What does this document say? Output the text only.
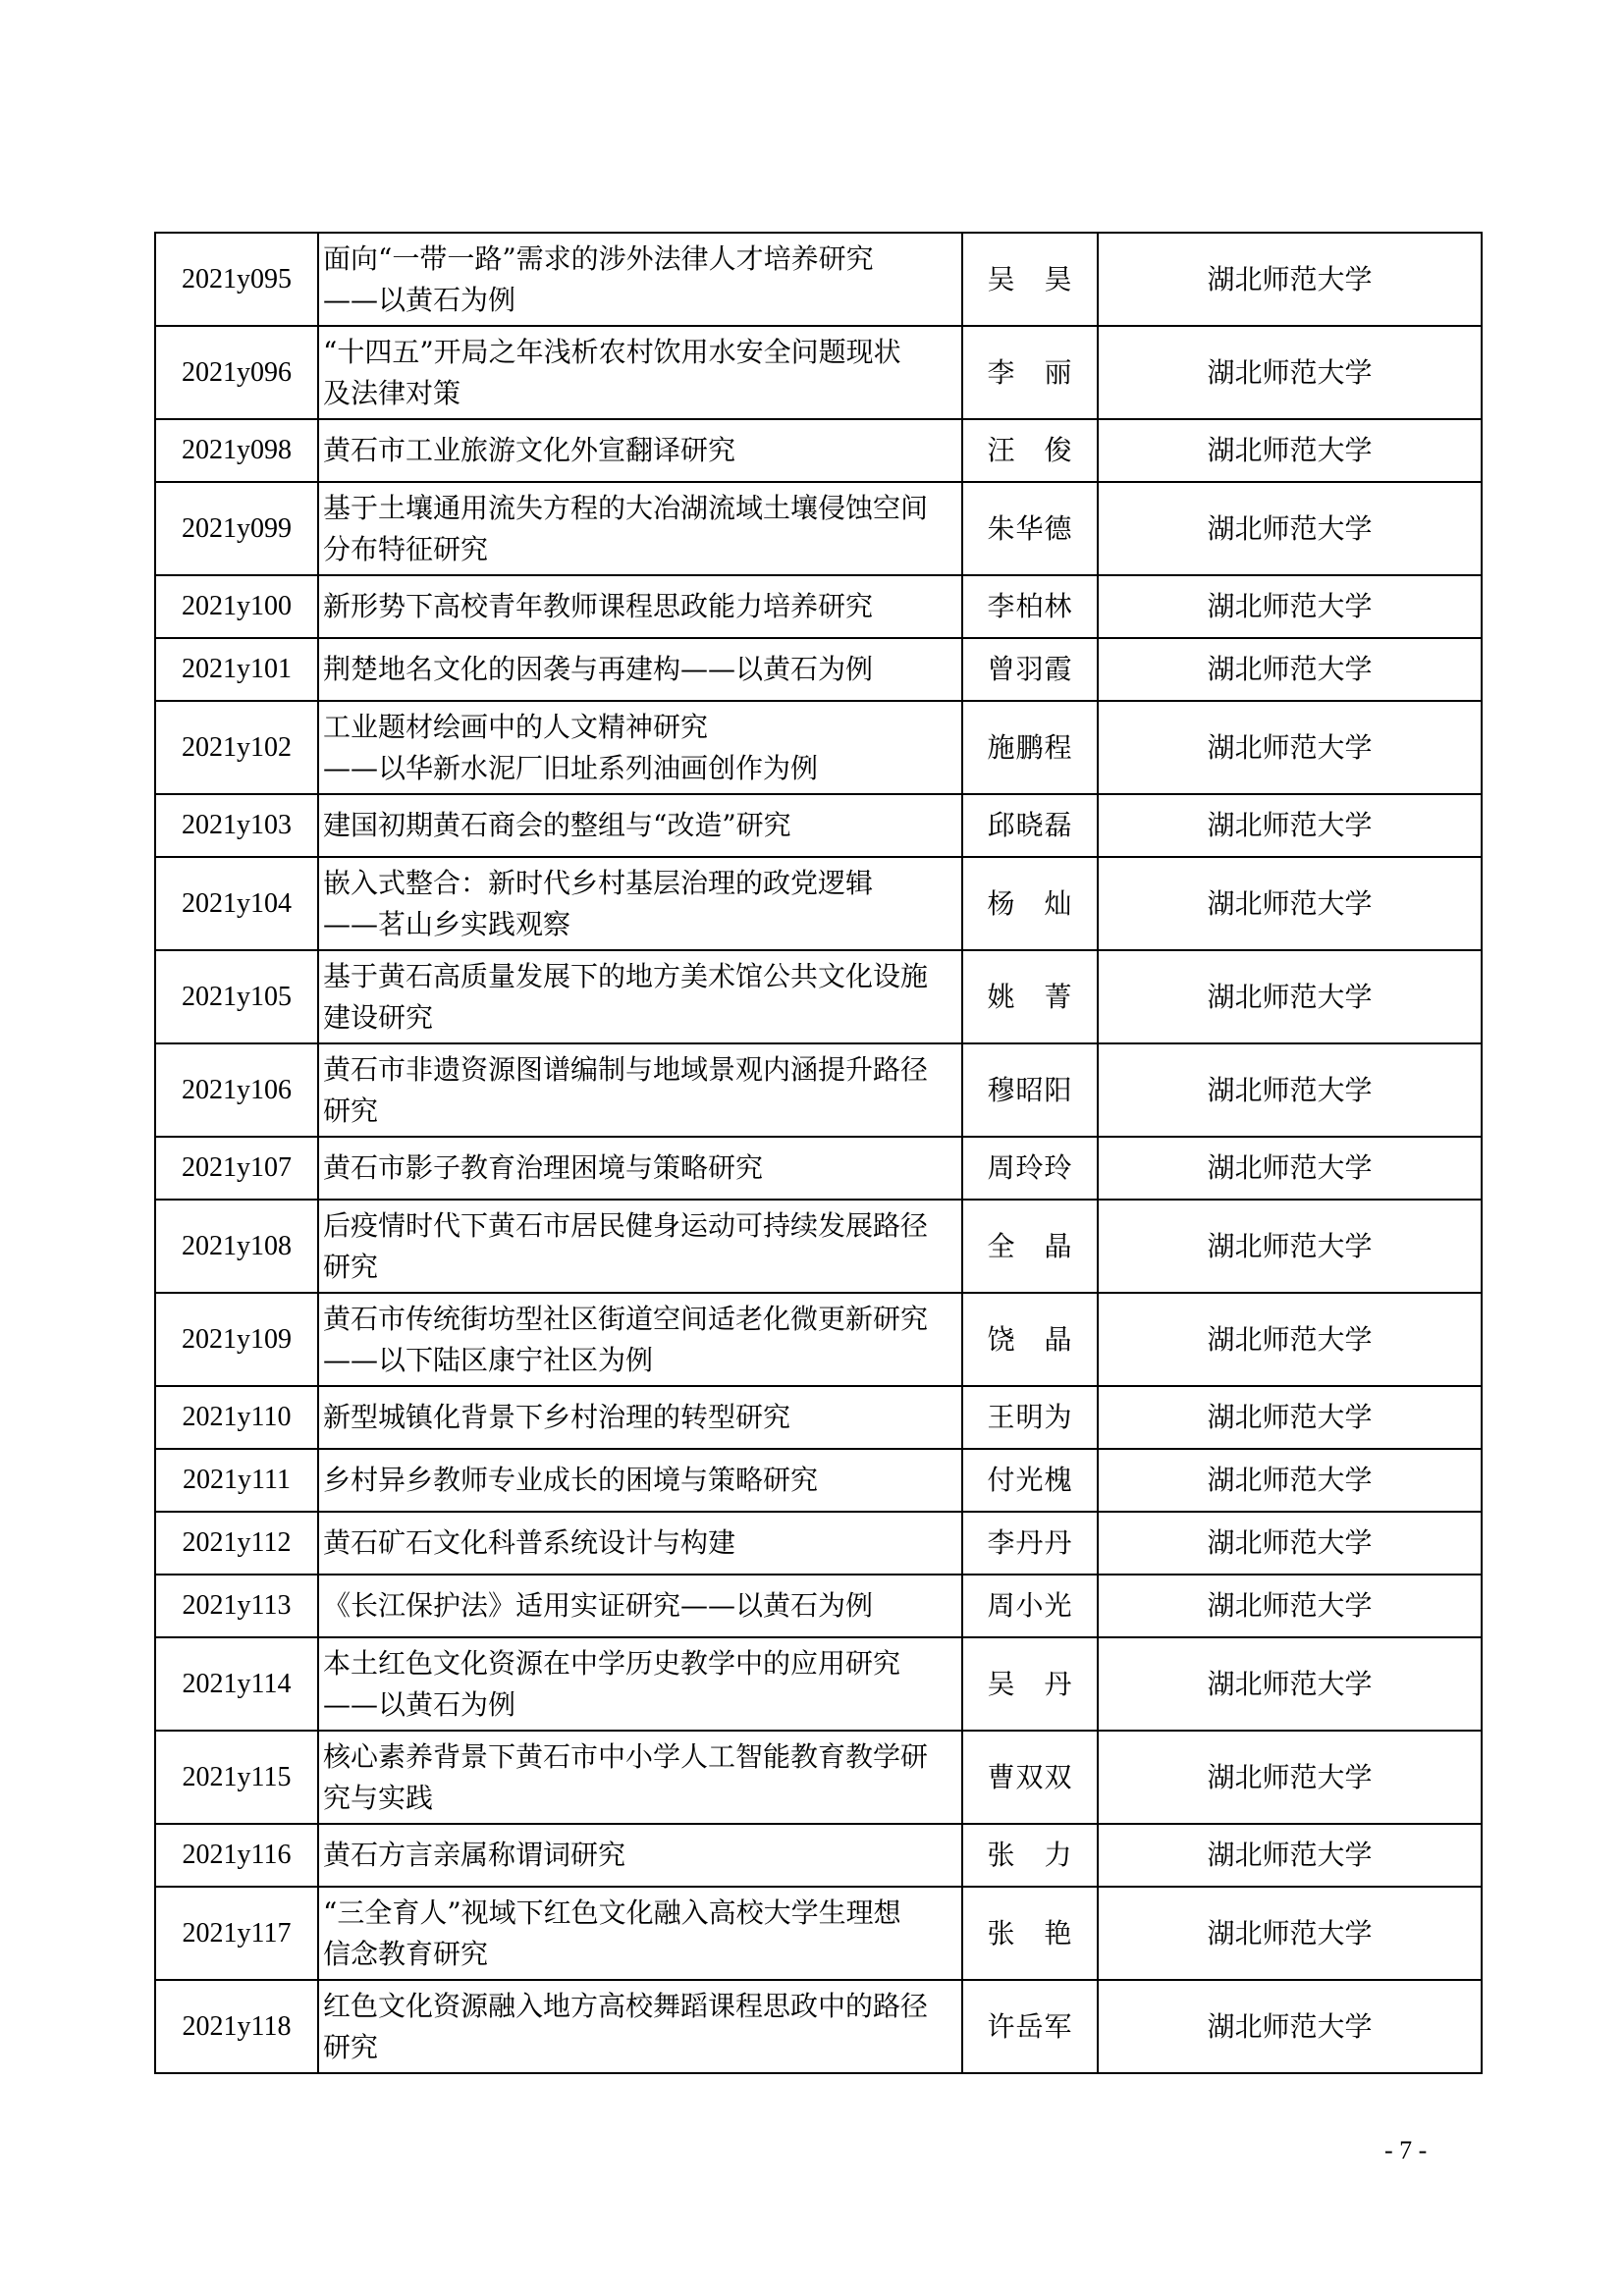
2021y095	面向“一带一路”需求的涉外法律人才培养研究
——以黄石为例	吴　昊	湖北师范大学
2021y096	“十四五”开局之年浅析农村饮用水安全问题现状
及法律对策	李　丽	湖北师范大学
2021y098	黄石市工业旅游文化外宣翻译研究	汪　俊	湖北师范大学
2021y099	基于土壤通用流失方程的大冶湖流域土壤侵蚀空间
分布特征研究	朱华德	湖北师范大学
2021y100	新形势下高校青年教师课程思政能力培养研究	李柏林	湖北师范大学
2021y101	荆楚地名文化的因袭与再建构——以黄石为例	曾羽霞	湖北师范大学
2021y102	工业题材绘画中的人文精神研究
——以华新水泥厂旧址系列油画创作为例	施鹏程	湖北师范大学
2021y103	建国初期黄石商会的整组与“改造”研究	邱晓磊	湖北师范大学
2021y104	嵌入式整合：新时代乡村基层治理的政党逻辑
——茗山乡实践观察	杨　灿	湖北师范大学
2021y105	基于黄石高质量发展下的地方美术馆公共文化设施
建设研究	姚　菁	湖北师范大学
2021y106	黄石市非遗资源图谱编制与地域景观内涵提升路径
研究	穆昭阳	湖北师范大学
2021y107	黄石市影子教育治理困境与策略研究	周玲玲	湖北师范大学
2021y108	后疫情时代下黄石市居民健身运动可持续发展路径
研究	全　晶	湖北师范大学
2021y109	黄石市传统街坊型社区街道空间适老化微更新研究
——以下陆区康宁社区为例	饶　晶	湖北师范大学
2021y110	新型城镇化背景下乡村治理的转型研究	王明为	湖北师范大学
2021y111	乡村异乡教师专业成长的困境与策略研究	付光槐	湖北师范大学
2021y112	黄石矿石文化科普系统设计与构建	李丹丹	湖北师范大学
2021y113	《长江保护法》适用实证研究——以黄石为例	周小光	湖北师范大学
2021y114	本土红色文化资源在中学历史教学中的应用研究
——以黄石为例	吴　丹	湖北师范大学
2021y115	核心素养背景下黄石市中小学人工智能教育教学研
究与实践	曹双双	湖北师范大学
2021y116	黄石方言亲属称谓词研究	张　力	湖北师范大学
2021y117	“三全育人”视域下红色文化融入高校大学生理想
信念教育研究	张　艳	湖北师范大学
2021y118	红色文化资源融入地方高校舞蹈课程思政中的路径
研究	许岳军	湖北师范大学
- 7 -
